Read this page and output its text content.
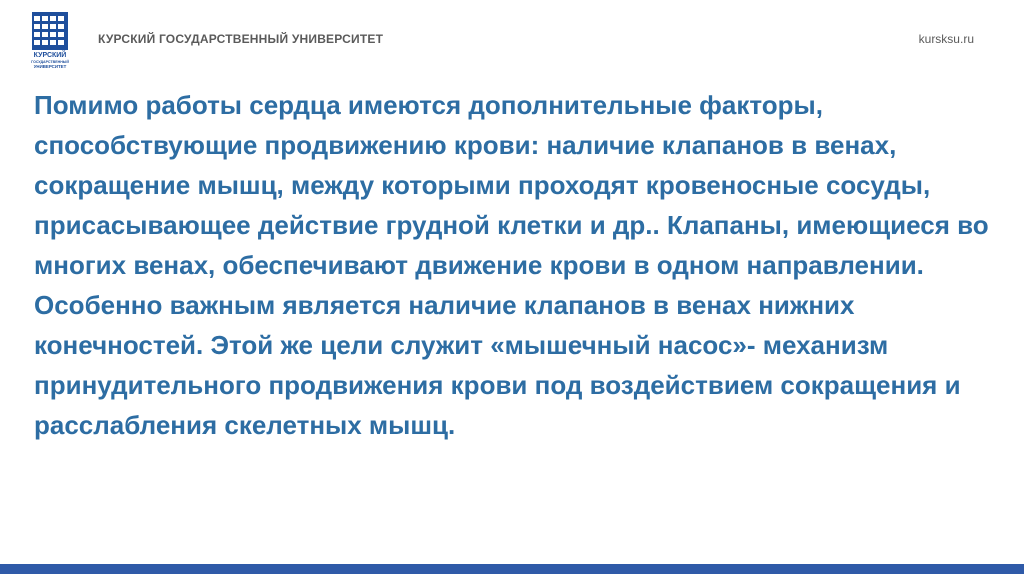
КУРСКИЙ
ГОСУДАРСТВЕННЫЙ
УНИВЕРСИТЕТ
КУРСКИЙ ГОСУДАРСТВЕННЫЙ УНИВЕРСИТЕТ	kursksu.ru

Помимо работы сердца имеются дополнительные факторы, способствующие продвижению крови: наличие клапанов в венах, сокращение мышц, между которыми проходят кровеносные сосуды, присасывающее действие грудной клетки и др.. Клапаны, имеющиеся во многих венах, обеспечивают движение крови в одном направлении. Особенно важным является наличие клапанов в венах нижних конечностей. Этой же цели служит «мышечный насос»- механизм принудительного продвижения крови под воздействием сокращения и расслабления скелетных мышц.
